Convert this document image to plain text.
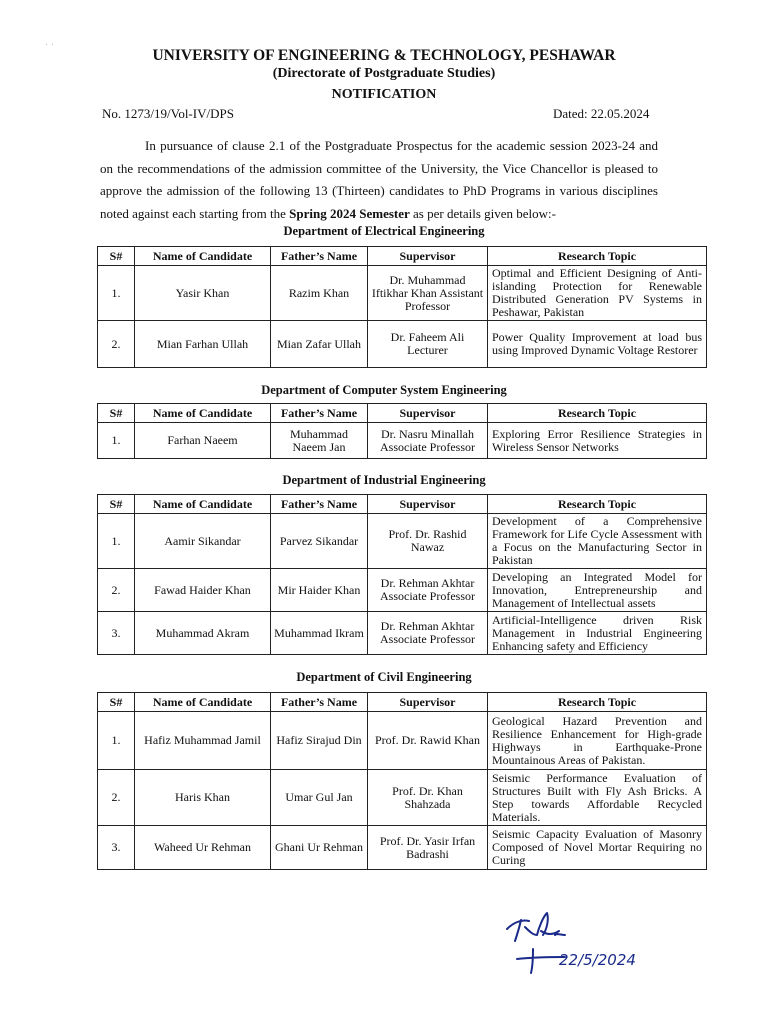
· ·
UNIVERSITY OF ENGINEERING & TECHNOLOGY, PESHAWAR
(Directorate of Postgraduate Studies)
NOTIFICATION
No. 1273/19/Vol-IV/DPS	Dated: 22.05.2024
In pursuance of clause 2.1 of the Postgraduate Prospectus for the academic session 2023-24 and on the recommendations of the admission committee of the University, the Vice Chancellor is pleased to approve the admission of the following 13 (Thirteen) candidates to PhD Programs in various disciplines noted against each starting from the Spring 2024 Semester as per details given below:-
Department of Electrical Engineering
S#	Name of Candidate	Father’s Name	Supervisor	Research Topic
1.	Yasir Khan	Razim Khan	Dr. Muhammad Iftikhar Khan Assistant Professor	Optimal and Efficient Designing of Anti-islanding Protection for Renewable Distributed Generation PV Systems in Peshawar, Pakistan
2.	Mian Farhan Ullah	Mian Zafar Ullah	Dr. Faheem Ali Lecturer	Power Quality Improvement at load bus using Improved Dynamic Voltage Restorer
Department of Computer System Engineering
S#	Name of Candidate	Father’s Name	Supervisor	Research Topic
1.	Farhan Naeem	Muhammad Naeem Jan	Dr. Nasru Minallah Associate Professor	Exploring Error Resilience Strategies in Wireless Sensor Networks
Department of Industrial Engineering
S#	Name of Candidate	Father’s Name	Supervisor	Research Topic
1.	Aamir Sikandar	Parvez Sikandar	Prof. Dr. Rashid Nawaz	Development of a Comprehensive Framework for Life Cycle Assessment with a Focus on the Manufacturing Sector in Pakistan
2.	Fawad Haider Khan	Mir Haider Khan	Dr. Rehman Akhtar Associate Professor	Developing an Integrated Model for Innovation, Entrepreneurship and Management of Intellectual assets
3.	Muhammad Akram	Muhammad Ikram	Dr. Rehman Akhtar Associate Professor	Artificial-Intelligence driven Risk Management in Industrial Engineering Enhancing safety and Efficiency
Department of Civil Engineering
S#	Name of Candidate	Father’s Name	Supervisor	Research Topic
1.	Hafiz Muhammad Jamil	Hafiz Sirajud Din	Prof. Dr. Rawid Khan	Geological Hazard Prevention and Resilience Enhancement for High-grade Highways in Earthquake-Prone Mountainous Areas of Pakistan.
2.	Haris Khan	Umar Gul Jan	Prof. Dr. Khan Shahzada	Seismic Performance Evaluation of Structures Built with Fly Ash Bricks. A Step towards Affordable Recycled Materials.
3.	Waheed Ur Rehman	Ghani Ur Rehman	Prof. Dr. Yasir Irfan Badrashi	Seismic Capacity Evaluation of Masonry Composed of Novel Mortar Requiring no Curing
22/5/2024
